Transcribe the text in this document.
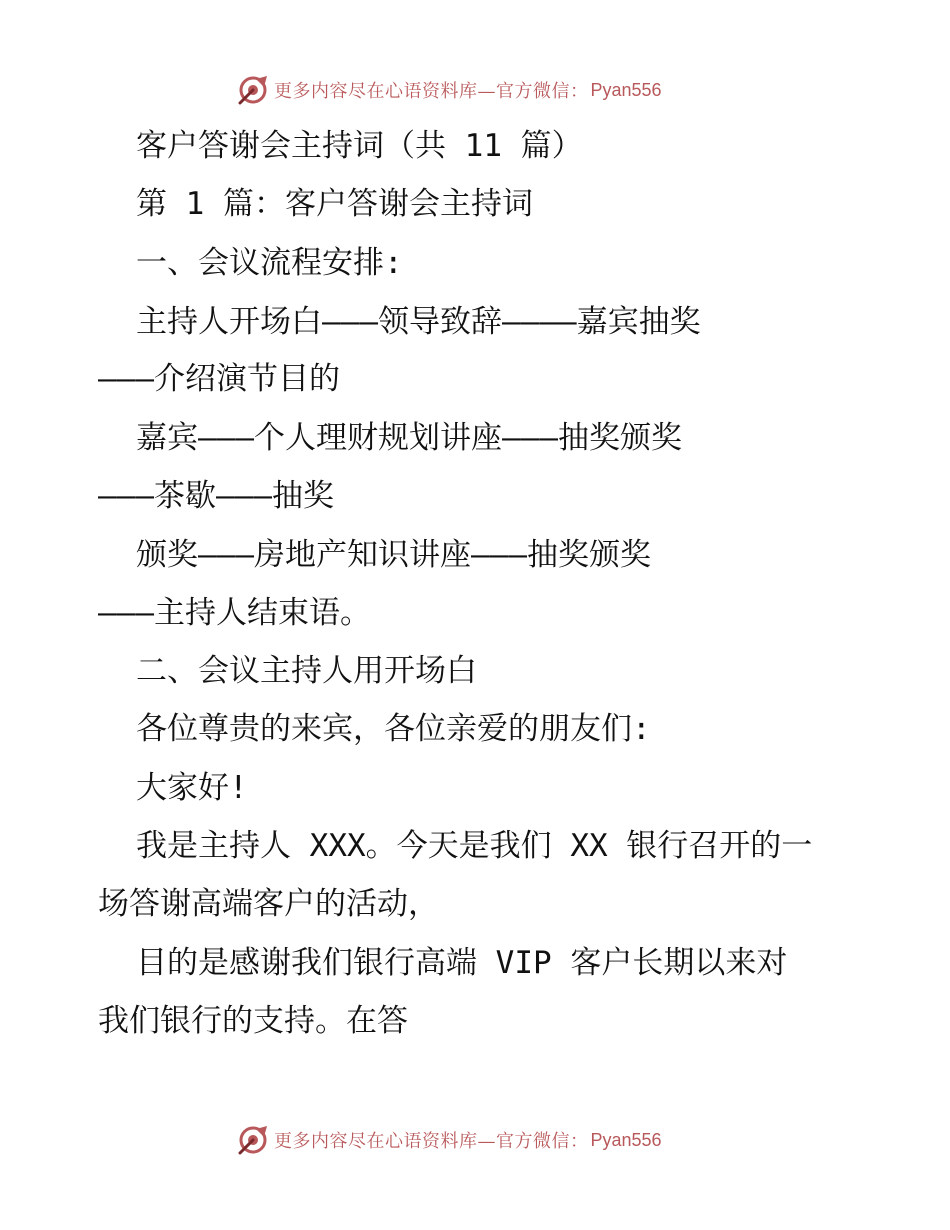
更多内容尽在心语资料库—官方微信： Pyan556

客户答谢会主持词（共 11 篇）

第 1 篇：客户答谢会主持词

一、会议流程安排:

主持人开场白———领导致辞————嘉宾抽奖

———介绍演节目的

嘉宾———个人理财规划讲座———抽奖颁奖

———茶歇———抽奖

颁奖———房地产知识讲座———抽奖颁奖

———主持人结束语。

二、会议主持人用开场白

各位尊贵的来宾，各位亲爱的朋友们:

大家好!

我是主持人 XXX。今天是我们 XX 银行召开的一

场答谢高端客户的活动，

目的是感谢我们银行高端 VIP 客户长期以来对

我们银行的支持。在答

更多内容尽在心语资料库—官方微信： Pyan556
